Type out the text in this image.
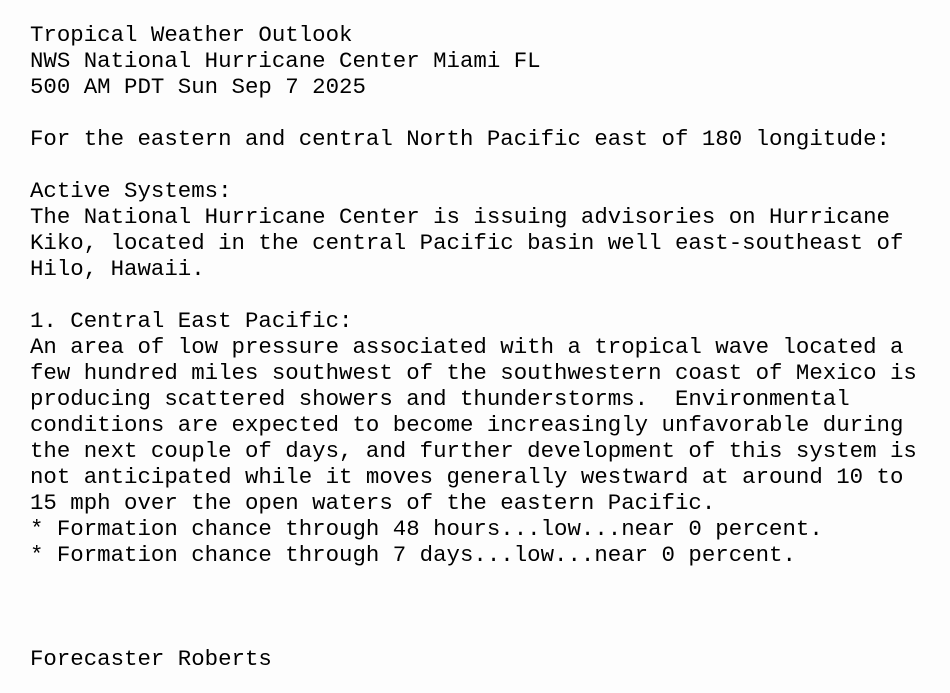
Tropical Weather Outlook
NWS National Hurricane Center Miami FL
500 AM PDT Sun Sep 7 2025
For the eastern and central North Pacific east of 180 longitude:
Active Systems:
The National Hurricane Center is issuing advisories on Hurricane
Kiko, located in the central Pacific basin well east-southeast of
Hilo, Hawaii.
1. Central East Pacific:
An area of low pressure associated with a tropical wave located a
few hundred miles southwest of the southwestern coast of Mexico is
producing scattered showers and thunderstorms.  Environmental
conditions are expected to become increasingly unfavorable during
the next couple of days, and further development of this system is
not anticipated while it moves generally westward at around 10 to
15 mph over the open waters of the eastern Pacific.
* Formation chance through 48 hours...low...near 0 percent.
* Formation chance through 7 days...low...near 0 percent.
Forecaster Roberts
